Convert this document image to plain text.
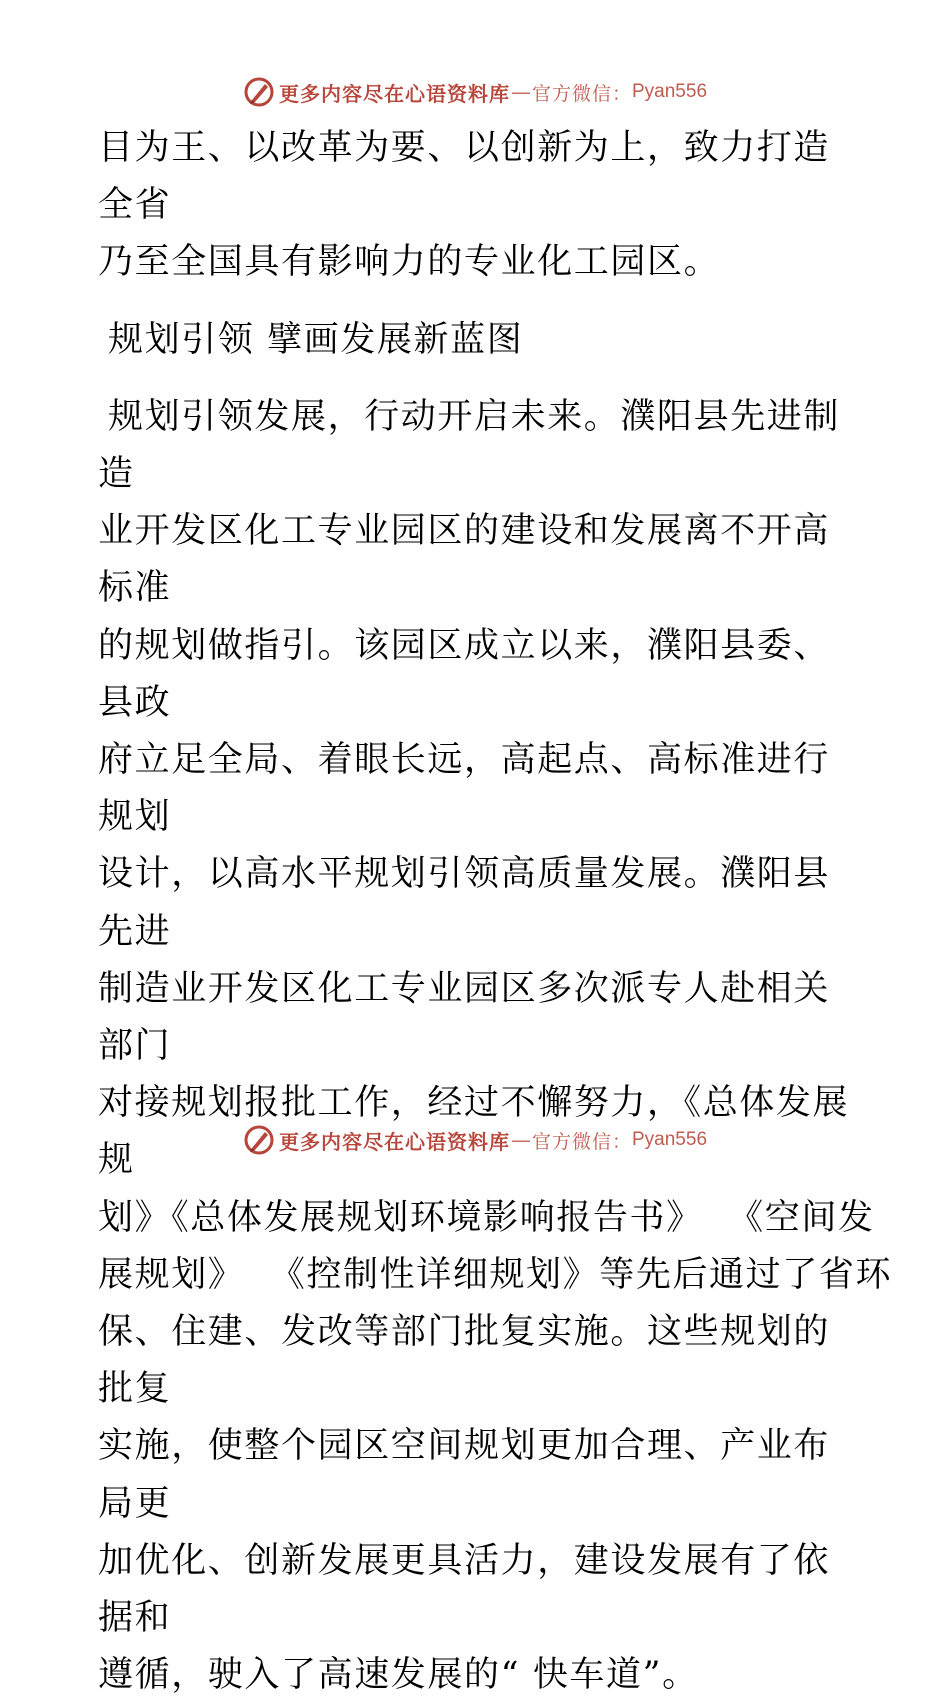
更多内容尽在心语资料库 — 官方微信： Pyan556

目为王、以改革为要、以创新为上，致力打造全省

乃至全国具有影响力的专业化工园区。

规划引领 擘画发展新蓝图

规划引领发展，行动开启未来。濮阳县先进制造

业开发区化工专业园区的建设和发展离不开高标准

的规划做指引。该园区成立以来，濮阳县委、县政

府立足全局、着眼长远，高起点、高标准进行规划

设计，以高水平规划引领高质量发展。濮阳县先进

制造业开发区化工专业园区多次派专人赴相关部门

对接规划报批工作，经过不懈努力，《总体发展规

划》《总体发展规划环境影响报告书》  《空间发

展规划》  《控制性详细规划》等先后通过了省环

保、住建、发改等部门批复实施。这些规划的批复

实施，使整个园区空间规划更加合理、产业布局更

加优化、创新发展更具活力，建设发展有了依据和

遵循，驶入了高速发展的“ 快车道”。

更多内容尽在心语资料库 — 官方微信： Pyan556
